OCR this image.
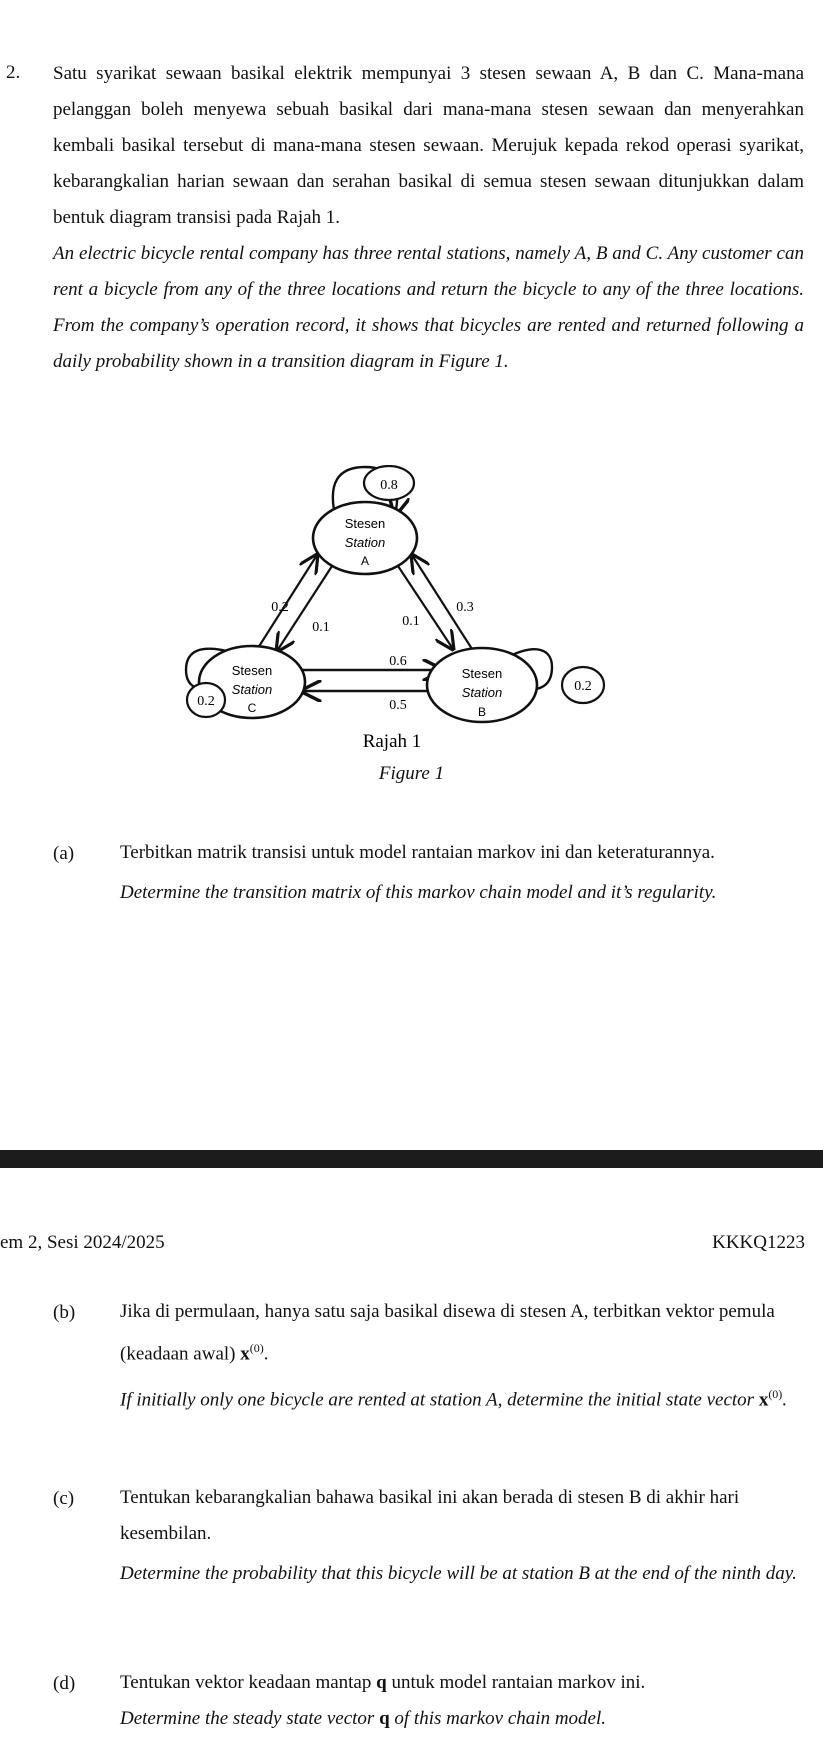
2. Satu syarikat sewaan basikal elektrik mempunyai 3 stesen sewaan A, B dan C. Mana-mana pelanggan boleh menyewa sebuah basikal dari mana-mana stesen sewaan dan menyerahkan kembali basikal tersebut di mana-mana stesen sewaan. Merujuk kepada rekod operasi syarikat, kebarangkalian harian sewaan dan serahan basikal di semua stesen sewaan ditunjukkan dalam bentuk diagram transisi pada Rajah 1.
An electric bicycle rental company has three rental stations, namely A, B and C. Any customer can rent a bicycle from any of the three locations and return the bicycle to any of the three locations. From the company’s operation record, it shows that bicycles are rented and returned following a daily probability shown in a transition diagram in Figure 1.
Stesen
Station
A
Stesen
Station
C
Stesen
Station
B
0.8
0.2
0.2
0.2
0.1	0.1
0.3
0.6
0.5
Rajah 1
Figure 1
(a) Terbitkan matrik transisi untuk model rantaian markov ini dan keteraturannya.

Determine the transition matrix of this markov chain model and it’s regularity.

em 2, Sesi 2024/2025	KKKQ1223
(b) Jika di permulaan, hanya satu saja basikal disewa di stesen A, terbitkan vektor pemula (keadaan awal) $x^{(0)}$.

If initially only one bicycle are rented at station A, determine the initial state vector $x^{(0)}$.

(c) Tentukan kebarangkalian bahawa basikal ini akan berada di stesen B di akhir hari kesembilan.

Determine the probability that this bicycle will be at station B at the end of the ninth day.

(d) Tentukan vektor keadaan mantap q untuk model rantaian markov ini.

Determine the steady state vector q of this markov chain model.
